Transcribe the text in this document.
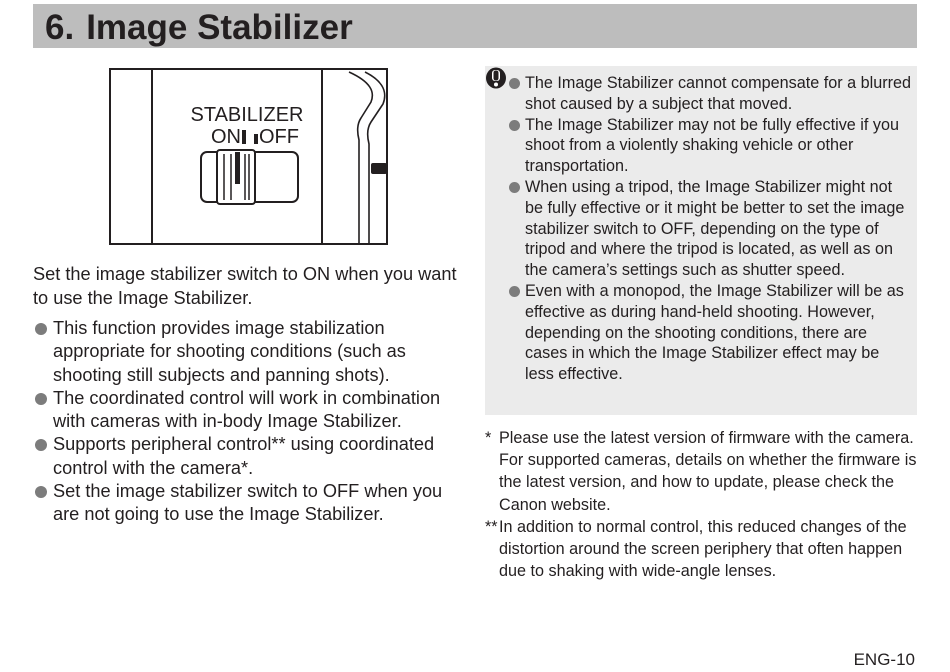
6. Image Stabilizer
STABILIZER
ON OFF

Set the image stabilizer switch to ON when you want to use the Image Stabilizer.

This function provides image stabilization appropriate for shooting conditions (such as shooting still subjects and panning shots).
The coordinated control will work in combination with cameras with in-body Image Stabilizer.
Supports peripheral control** using coordinated control with the camera*.
Set the image stabilizer switch to OFF when you are not going to use the Image Stabilizer.
The Image Stabilizer cannot compensate for a blurred shot caused by a subject that moved.
The Image Stabilizer may not be fully effective if you shoot from a violently shaking vehicle or other transportation.
When using a tripod, the Image Stabilizer might not be fully effective or it might be better to set the image stabilizer switch to OFF, depending on the type of tripod and where the tripod is located, as well as on the camera’s settings such as shutter speed.
Even with a monopod, the Image Stabilizer will be as effective as during hand-held shooting. However, depending on the shooting conditions, there are cases in which the Image Stabilizer effect may be less effective.
* Please use the latest version of firmware with the camera.

For supported cameras, details on whether the firmware is the latest version, and how to update, please check the Canon website.

** In addition to normal control, this reduced changes of the distortion around the screen periphery that often happen due to shaking with wide-angle lenses.

ENG-10
